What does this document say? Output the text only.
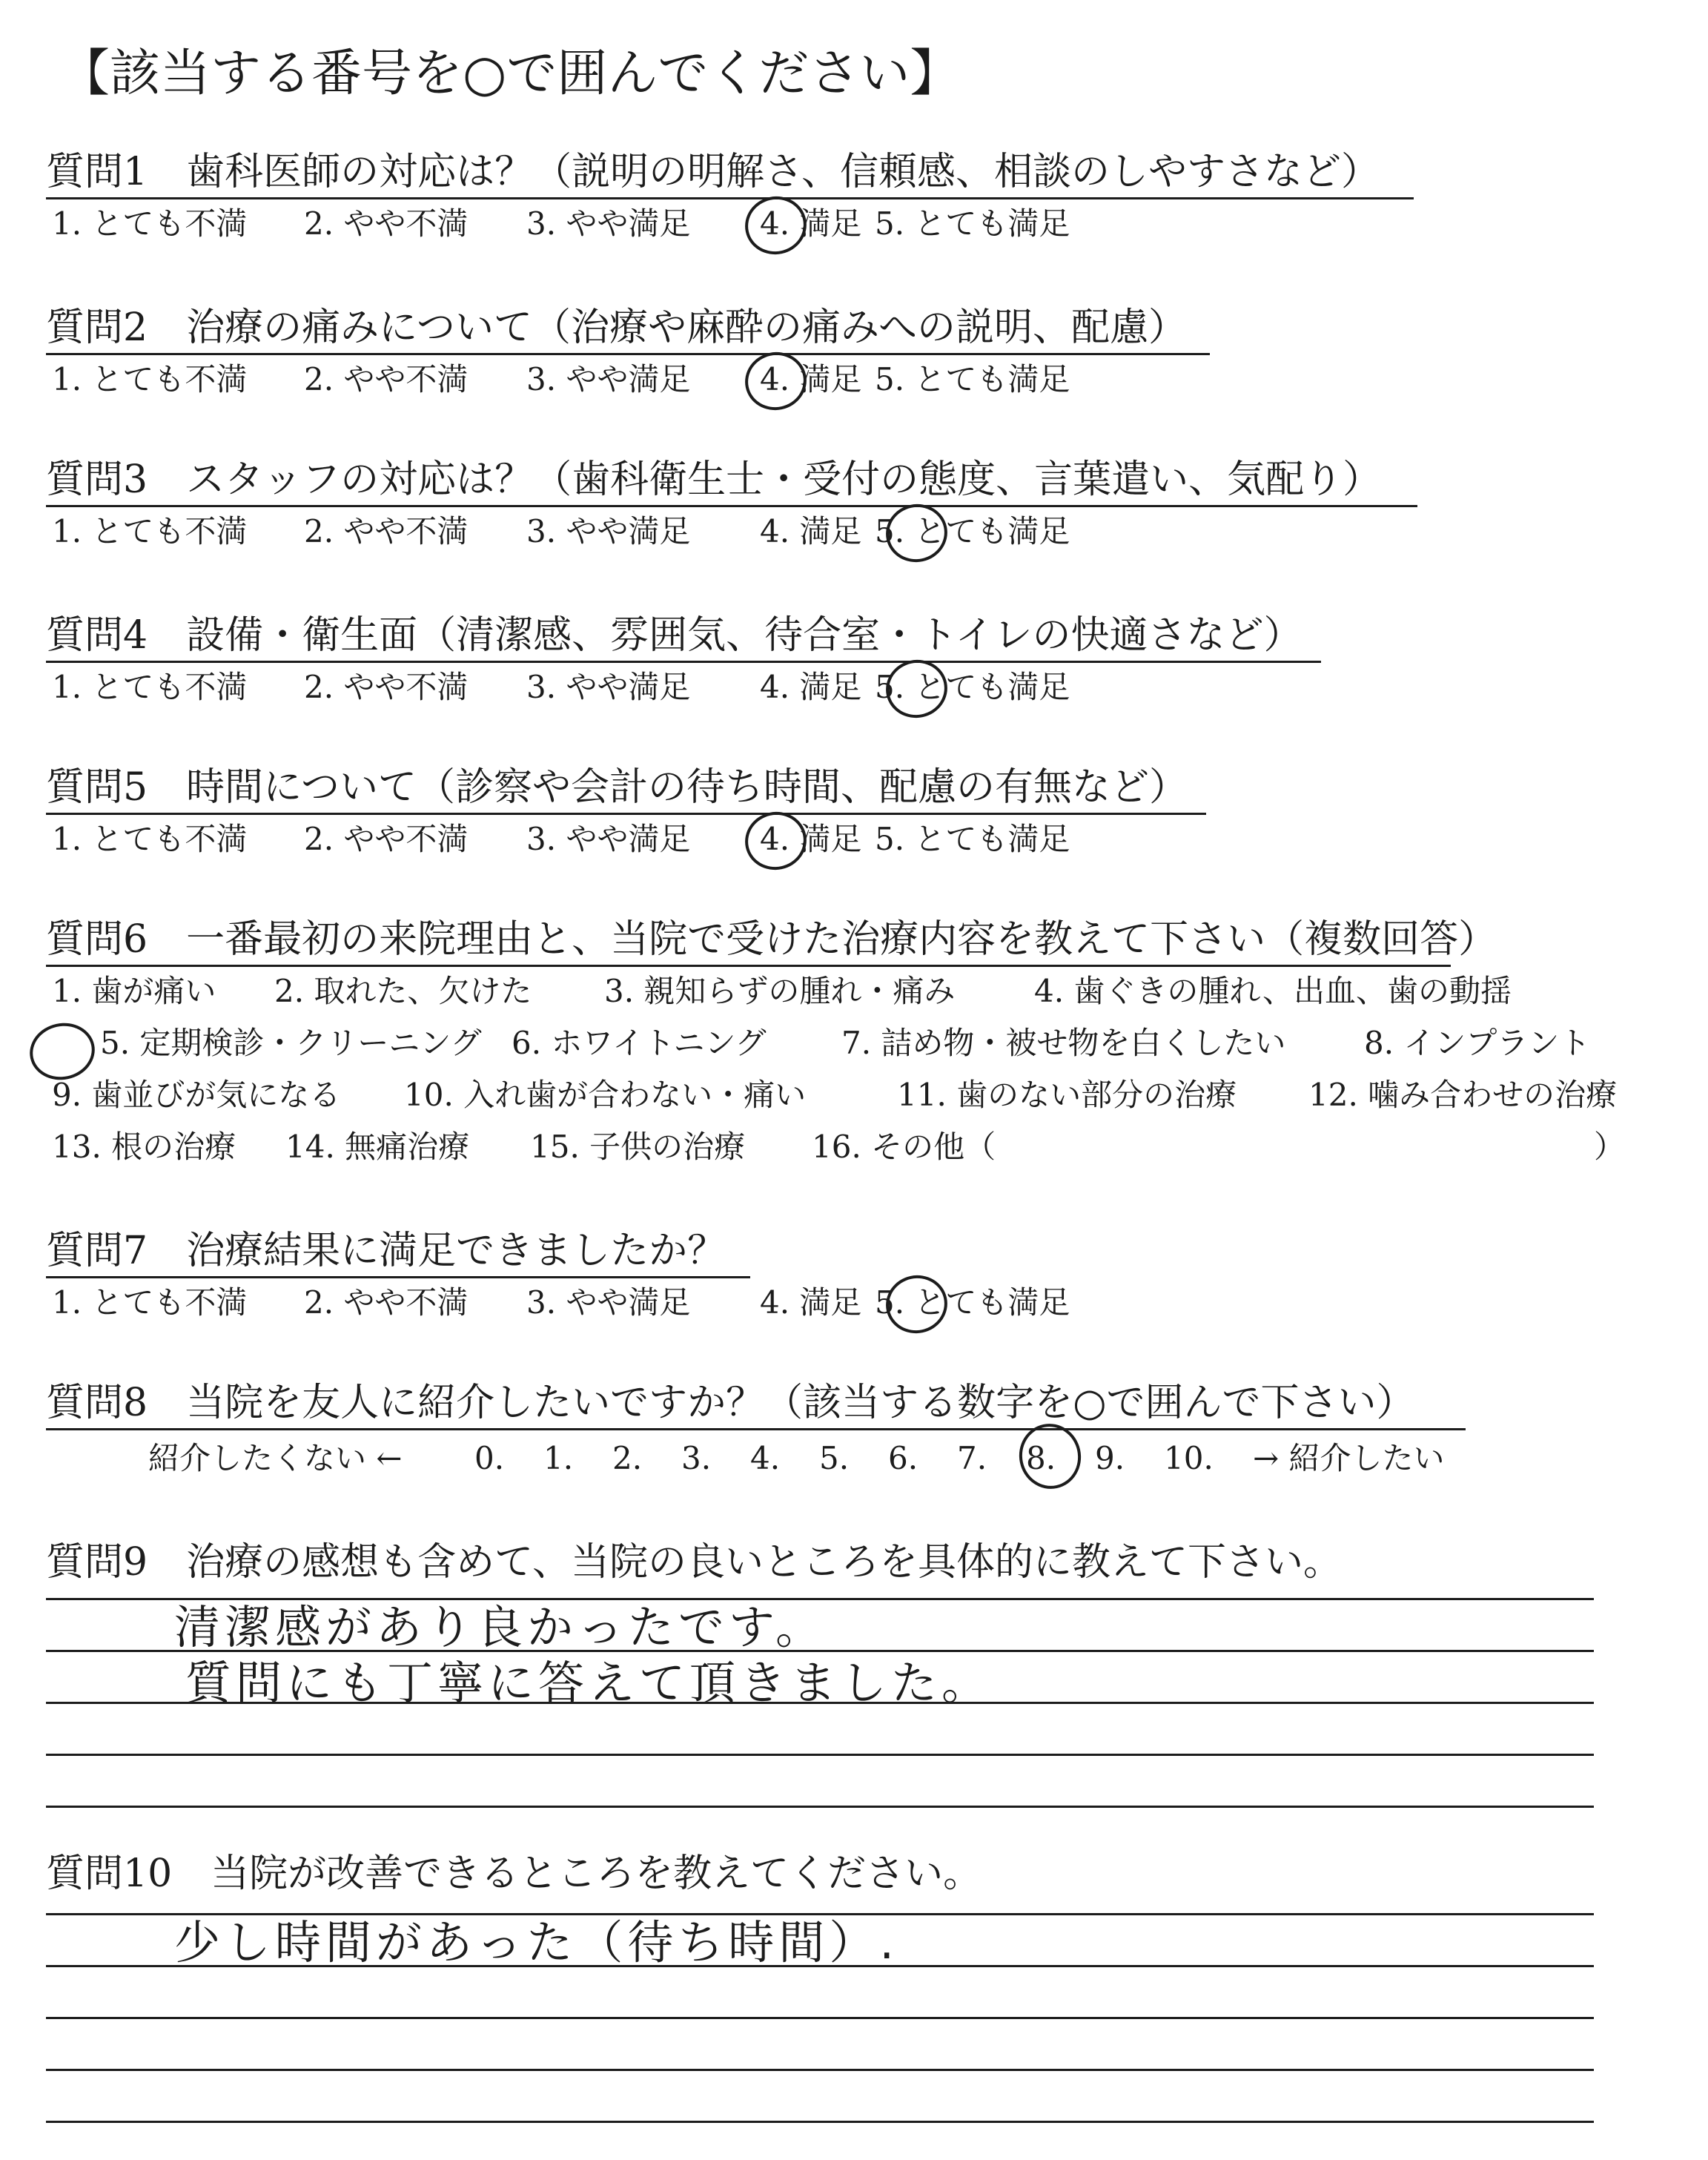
【該当する番号を○で囲んでください】
質問1　歯科医師の対応は？（説明の明解さ、信頼感、相談のしやすさなど）
質問2　治療の痛みについて（治療や麻酔の痛みへの説明、配慮）
質問3　スタッフの対応は？（歯科衛生士・受付の態度、言葉遣い、気配り）
質問4　設備・衛生面（清潔感、雰囲気、待合室・トイレの快適さなど）
質問5　時間について（診察や会計の待ち時間、配慮の有無など）
質問6　一番最初の来院理由と、当院で受けた治療内容を教えて下さい（複数回答）
質問7　治療結果に満足できましたか？
質問8　当院を友人に紹介したいですか？（該当する数字を○で囲んで下さい）
質問9　治療の感想も含めて、当院の良いところを具体的に教えて下さい。
質問10　当院が改善できるところを教えてください。
1. とても不満 2. やや不満 3. やや満足 4. 満足 5. とても満足
1. とても不満 2. やや不満 3. やや満足 4. 満足 5. とても満足
1. とても不満 2. やや不満 3. やや満足 4. 満足 5. とても満足
1. とても不満 2. やや不満 3. やや満足 4. 満足 5. とても満足
1. とても不満 2. やや不満 3. やや満足 4. 満足 5. とても満足
1. とても不満 2. やや不満 3. やや満足 4. 満足 5. とても満足
1. 歯が痛い 2. 取れた、欠けた 3. 親知らずの腫れ・痛み	4. 歯ぐきの腫れ、出血、歯の動揺
5. 定期検診・クリーニング 6. ホワイトニング 7. 詰め物・被せ物を白くしたい	8. インプラント
9. 歯並びが気になる 10. 入れ歯が合わない・痛い	11. 歯のない部分の治療 12. 噛み合わせの治療
13. 根の治療 14. 無痛治療 15. 子供の治療 16. その他（	）
紹介したくない ← 0. 1. 2. 3. 4. 5. 6. 7. 8. 9. 10. → 紹介したい
清潔感があり良かったです。
質問にも丁寧に答えて頂きました。
少し時間があった（待ち時間）.
